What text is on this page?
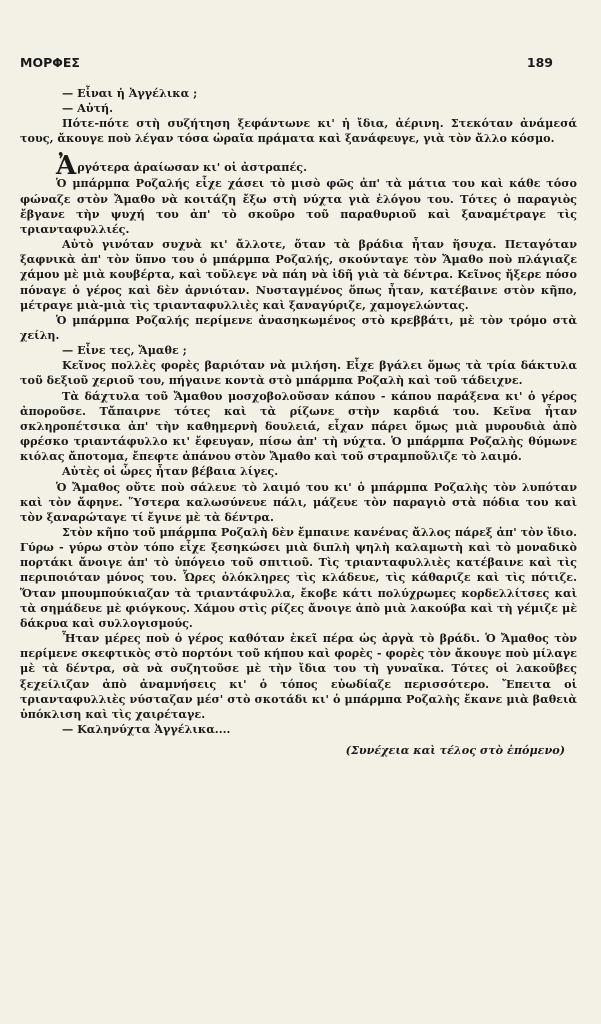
ΜΟΡΦΕΣ	189

— Εἶναι ἡ Ἀγγέλικα ;

— Αὐτή.

Πότε-πότε στὴ συζήτηση ξεφάντωνε κι' ἡ ἴδια, ἀέρινη. Στεκόταν ἀνάμεσά τους, ἄκουγε ποὺ λέγαν τόσα ὡραῖα πράματα καὶ ξανάφευγε, γιὰ τὸν ἄλλο κόσμο.

Ἀργότερα ἀραίωσαν κι' οἱ ἀστραπές.

Ὁ μπάρμπα Ροζαλής εἶχε χάσει τὸ μισὸ φῶς ἀπ' τὰ μάτια του καὶ κάθε τόσο φώναζε στὸν Ἄμαθο νὰ κοιτάζη ἔξω στὴ νύχτα γιὰ ἐλόγου του. Τότες ὁ παραγιὸς ἔβγανε τὴν ψυχή του ἀπ' τὸ σκοῦρο τοῦ παραθυριοῦ καὶ ξαναμέτραγε τὶς τριανταφυλλιές.

Αὐτὸ γινόταν συχνὰ κι' ἄλλοτε, ὅταν τὰ βράδια ἦταν ἥσυχα. Πεταγόταν ξαφνικὰ ἀπ' τὸν ὕπνο του ὁ μπάρμπα Ροζαλής, σκούνταγε τὸν Ἄμαθο ποὺ πλάγιαζε χάμου μὲ μιὰ κουβέρτα, καὶ τοὔλεγε νὰ πάη νὰ ἰδῆ γιὰ τὰ δέντρα. Κεῖνος ἤξερε πόσο πόναγε ὁ γέρος καὶ δὲν ἀρνιόταν. Νυσταγμένος ὅπως ἦταν, κατέβαινε στὸν κῆπο, μέτραγε μιὰ-μιὰ τὶς τριανταφυλλιὲς καὶ ξαναγύριζε, χαμογελώντας.

Ὁ μπάρμπα Ροζαλής περίμενε ἀνασηκωμένος στὸ κρεββάτι, μὲ τὸν τρόμο στὰ χείλη.

— Εἶνε τες, Ἄμαθε ;

Κεῖνος πολλὲς φορὲς βαριόταν νὰ μιλήση. Εἶχε βγάλει ὅμως τὰ τρία δάκτυλα τοῦ δεξιοῦ χεριοῦ του, πήγαινε κοντὰ στὸ μπάρμπα Ροζαλὴ καὶ τοῦ τάδειχνε.

Τὰ δάχτυλα τοῦ Ἄμαθου μοσχοβολοῦσαν κάπου - κάπου παράξενα κι' ὁ γέρος ἀποροῦσε. Τἄπαιρνε τότες καὶ τὰ ρίζωνε στὴν καρδιά του. Κεῖνα ἦταν σκληροπέτσικα ἀπ' τὴν καθημερνὴ δουλειά, εἶχαν πάρει ὅμως μιὰ μυρουδιὰ ἀπὸ φρέσκο τριαντάφυλλο κι' ἔφευγαν, πίσω ἀπ' τὴ νύχτα. Ὁ μπάρμπα Ροζαλὴς θύμωνε κιόλας ἄποτομα, ἔπεφτε ἀπάνου στὸν Ἄμαθο καὶ τοῦ στραμποὔλιζε τὸ λαιμό.

Αὐτὲς οἱ ὧρες ἦταν βέβαια λίγες.

Ὁ Ἄμαθος οὔτε ποὺ σάλευε τὸ λαιμό του κι' ὁ μπάρμπα Ροζαλὴς τὸν λυπόταν καὶ τὸν ἄφηνε. Ὕστερα καλωσύνευε πάλι, μάζευε τὸν παραγιὸ στὰ πόδια του καὶ τὸν ξαναρώταγε τί ἔγινε μὲ τὰ δέντρα.

Στὸν κῆπο τοῦ μπάρμπα Ροζαλὴ δὲν ἔμπαινε κανένας ἄλλος πάρεξ ἀπ' τὸν ἴδιο. Γύρω - γύρω στὸν τόπο εἶχε ξεσηκώσει μιὰ διπλὴ ψηλὴ καλαμωτὴ καὶ τὸ μοναδικὸ πορτάκι ἄνοιγε ἀπ' τὸ ὑπόγειο τοῦ σπιτιοῦ. Τὶς τριανταφυλλιὲς κατέβαινε καὶ τὶς περιποιόταν μόνος του. Ὧρες ὁλόκληρες τὶς κλάδευε, τὶς κάθαριζε καὶ τὶς πότιζε. Ὅταν μπουμπούκιαζαν τὰ τριαντάφυλλα, ἔκοβε κάτι πολύχρωμες κορδελλίτσες καὶ τὰ σημάδευε μὲ φιόγκους. Χάμου στὶς ρίζες ἄνοιγε ἀπὸ μιὰ λακούβα καὶ τὴ γέμιζε μὲ δάκρυα καὶ συλλογισμούς.

Ἦταν μέρες ποὺ ὁ γέρος καθόταν ἐκεῖ πέρα ὡς ἀργὰ τὸ βράδι. Ὁ Ἄμαθος τὸν περίμενε σκεφτικὸς στὸ πορτόνι τοῦ κήπου καὶ φορὲς - φορὲς τὸν ἄκουγε ποὺ μίλαγε μὲ τὰ δέντρα, σὰ νὰ συζητοῦσε μὲ τὴν ἴδια του τὴ γυναῖκα. Τότες οἱ λακοῦβες ξεχείλιζαν ἀπὸ ἀναμνήσεις κι' ὁ τόπος εὐωδίαζε περισσότερο. Ἔπειτα οἱ τριανταφυλλιὲς νύσταζαν μέσ' στὸ σκοτάδι κι' ὁ μπάρμπα Ροζαλὴς ἔκανε μιὰ βαθειὰ ὑπόκλιση καὶ τὶς χαιρέταγε.

— Καληνύχτα Ἀγγέλικα....

(Συνέχεια καὶ τέλος στὸ ἑπόμενο)
